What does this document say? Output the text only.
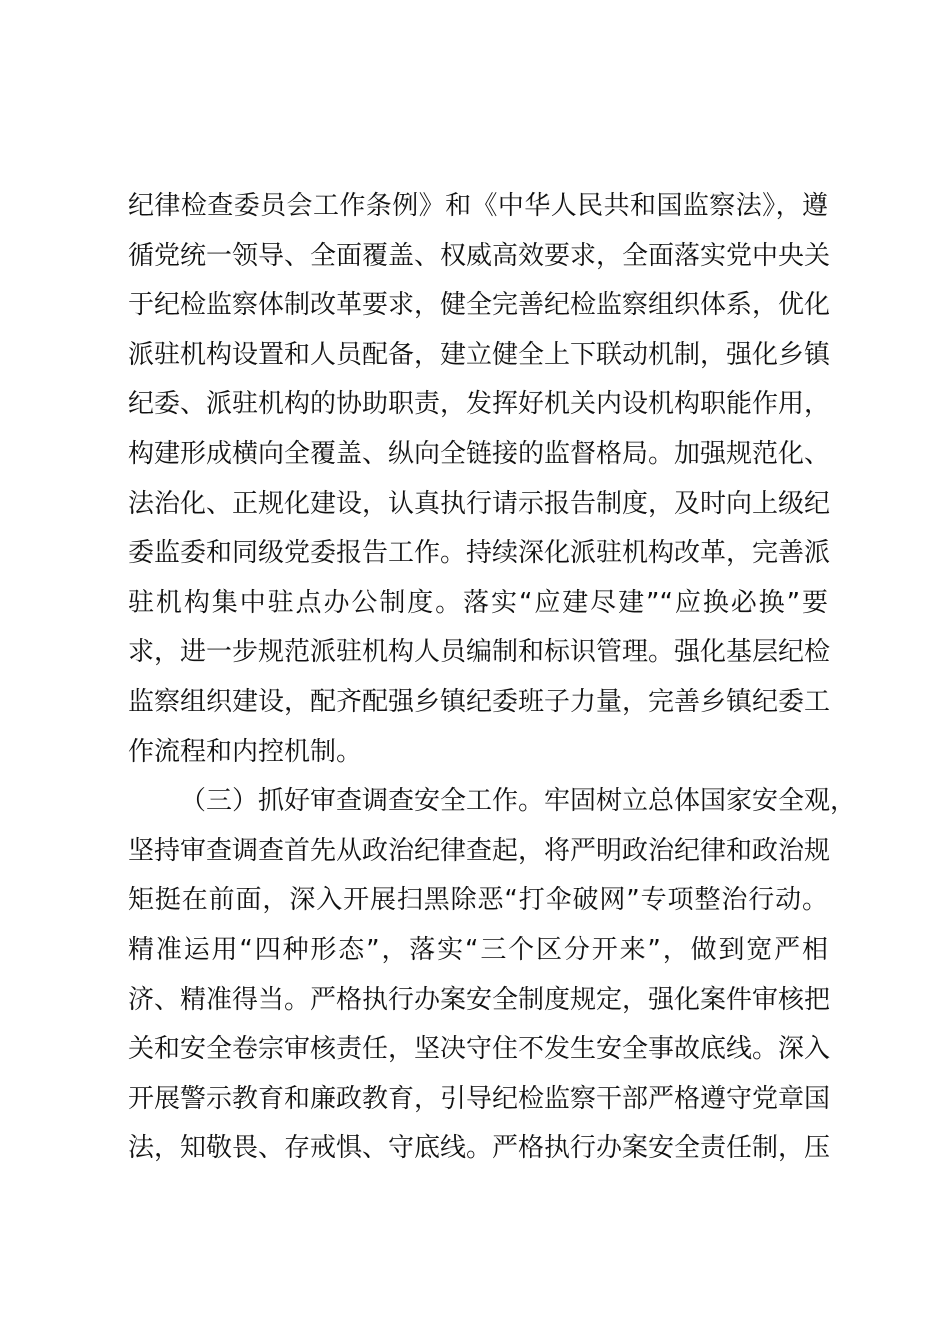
纪律检查委员会工作条例》和《中华人民共和国监察法》，遵
循党统一领导、全面覆盖、权威高效要求，全面落实党中央关
于纪检监察体制改革要求，健全完善纪检监察组织体系，优化
派驻机构设置和人员配备，建立健全上下联动机制，强化乡镇
纪委、派驻机构的协助职责，发挥好机关内设机构职能作用，
构建形成横向全覆盖、纵向全链接的监督格局。加强规范化、
法治化、正规化建设，认真执行请示报告制度，及时向上级纪
委监委和同级党委报告工作。持续深化派驻机构改革，完善派
驻机构集中驻点办公制度。落实“应建尽建”“应换必换”要
求，进一步规范派驻机构人员编制和标识管理。强化基层纪检
监察组织建设，配齐配强乡镇纪委班子力量，完善乡镇纪委工
作流程和内控机制。
（三）抓好审查调查安全工作。牢固树立总体国家安全观，
坚持审查调查首先从政治纪律查起，将严明政治纪律和政治规
矩挺在前面，深入开展扫黑除恶“打伞破网”专项整治行动。
精准运用“四种形态”，落实“三个区分开来”，做到宽严相
济、精准得当。严格执行办案安全制度规定，强化案件审核把
关和安全卷宗审核责任，坚决守住不发生安全事故底线。深入
开展警示教育和廉政教育，引导纪检监察干部严格遵守党章国
法，知敬畏、存戒惧、守底线。严格执行办案安全责任制，压
